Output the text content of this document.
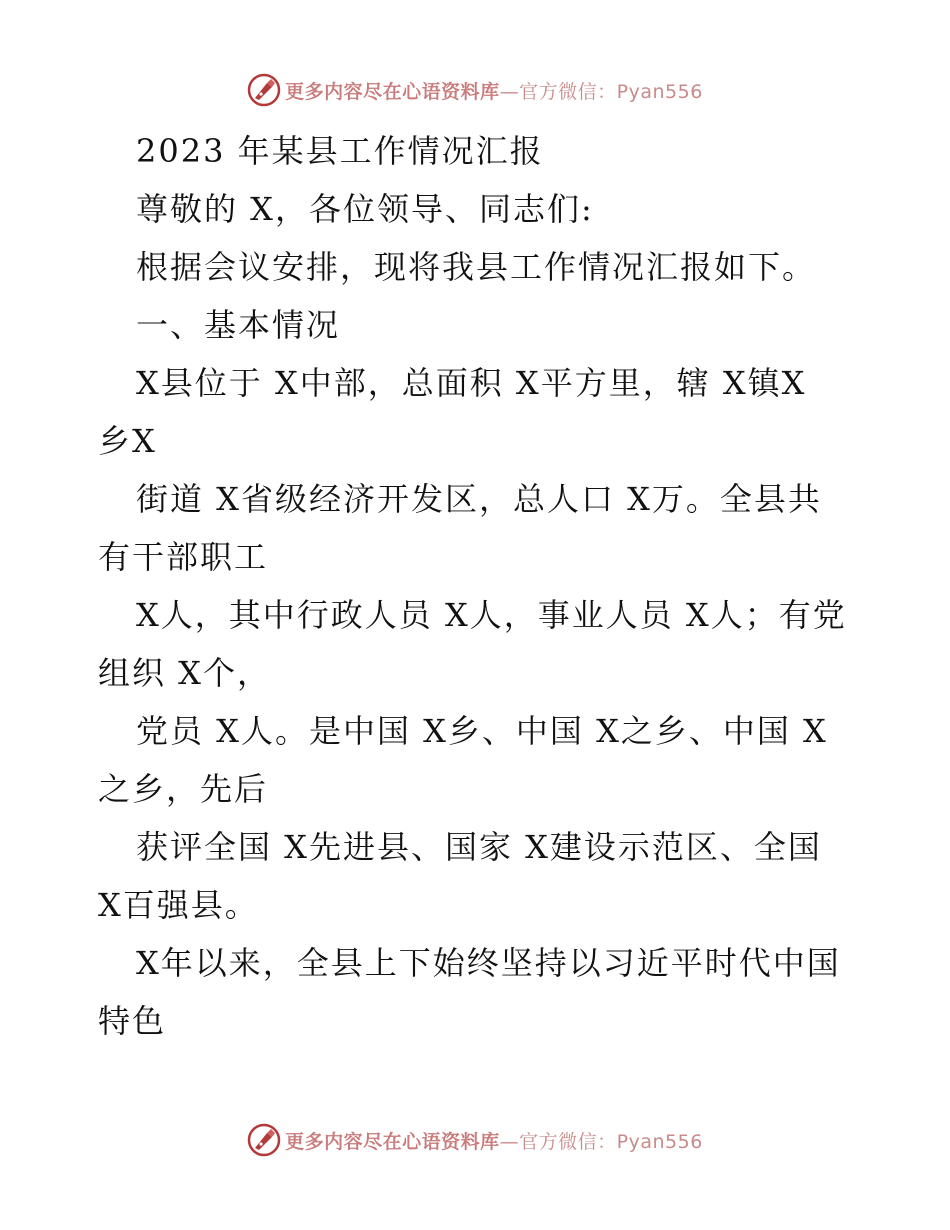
更多内容尽在心语资料库—官方微信：Pyan556
2023 年某县工作情况汇报
尊敬的 X，各位领导、同志们:
根据会议安排，现将我县工作情况汇报如下。
一、基本情况
X县位于 X中部，总面积 X平方里，辖 X镇X
乡X
街道 X省级经济开发区，总人口 X万。全县共
有干部职工
X人，其中行政人员 X人，事业人员 X人；有党
组织 X个，
党员 X人。是中国 X乡、中国 X之乡、中国 X
之乡，先后
获评全国 X先进县、国家 X建设示范区、全国
X百强县。
X年以来，全县上下始终坚持以习近平时代中国
特色
更多内容尽在心语资料库—官方微信：Pyan556
